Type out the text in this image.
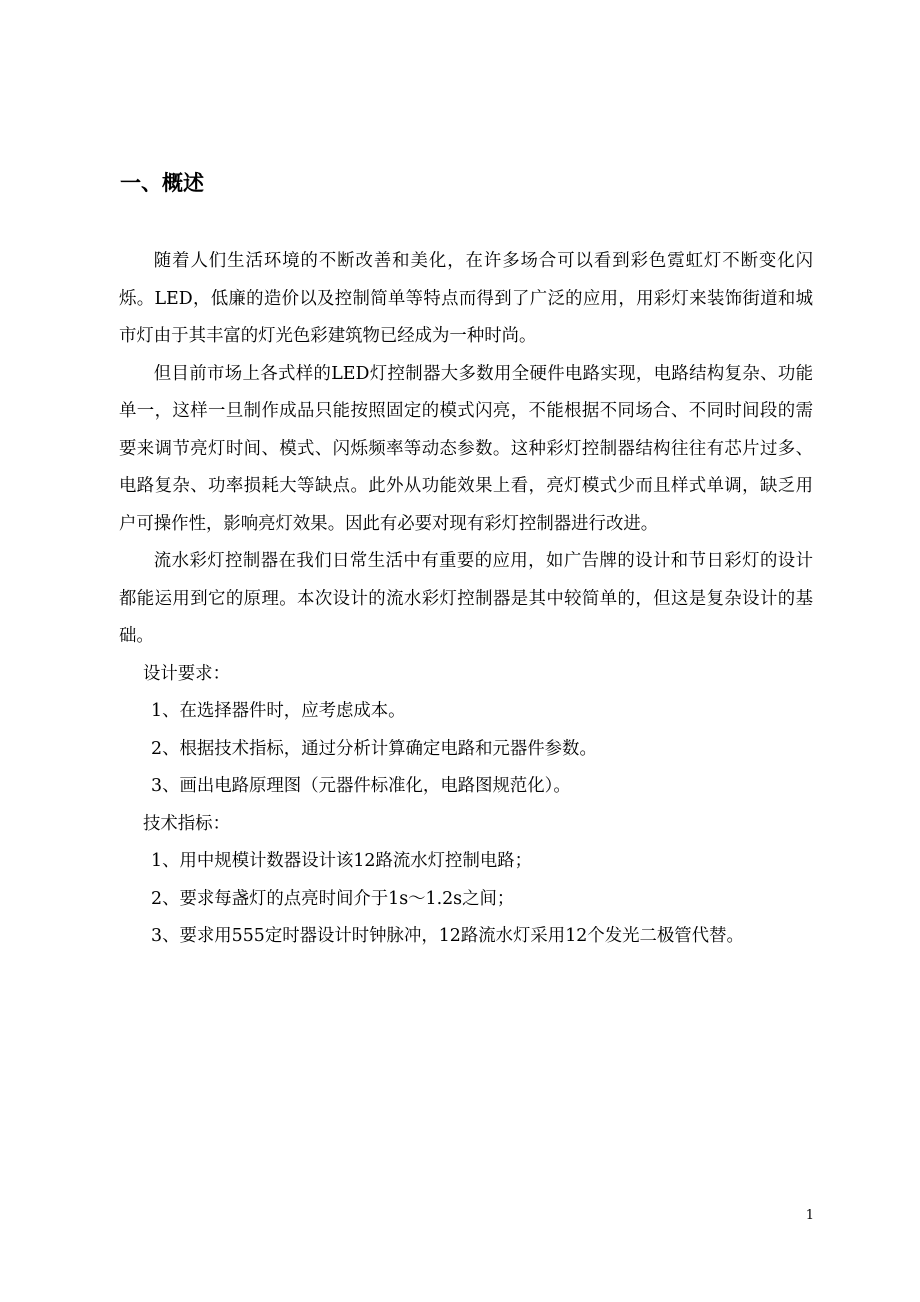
一、概述

随着人们生活环境的不断改善和美化，在许多场合可以看到彩色霓虹灯不断变化闪烁。LED，低廉的造价以及控制简单等特点而得到了广泛的应用，用彩灯来装饰街道和城市灯由于其丰富的灯光色彩建筑物已经成为一种时尚。

但目前市场上各式样的LED灯控制器大多数用全硬件电路实现，电路结构复杂、功能单一，这样一旦制作成品只能按照固定的模式闪亮，不能根据不同场合、不同时间段的需要来调节亮灯时间、模式、闪烁频率等动态参数。这种彩灯控制器结构往往有芯片过多、电路复杂、功率损耗大等缺点。此外从功能效果上看，亮灯模式少而且样式单调，缺乏用户可操作性，影响亮灯效果。因此有必要对现有彩灯控制器进行改进。

流水彩灯控制器在我们日常生活中有重要的应用，如广告牌的设计和节日彩灯的设计都能运用到它的原理。本次设计的流水彩灯控制器是其中较简单的，但这是复杂设计的基础。

设计要求：

1、在选择器件时，应考虑成本。

2、根据技术指标，通过分析计算确定电路和元器件参数。

3、画出电路原理图（元器件标准化，电路图规范化）。

技术指标：

1、用中规模计数器设计该12路流水灯控制电路；

2、要求每盏灯的点亮时间介于1s～1.2s之间；

3、要求用555定时器设计时钟脉冲，12路流水灯采用12个发光二极管代替。

1
